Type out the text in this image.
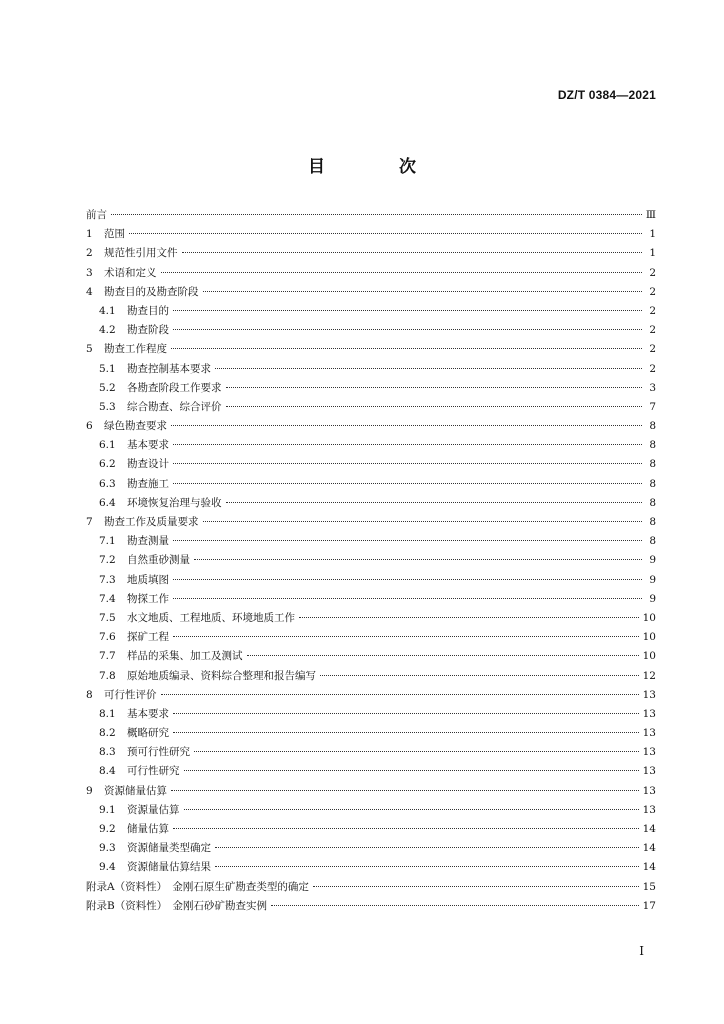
DZ/T 0384—2021
目 次
前言	Ⅲ
1	范围	1
2	规范性引用文件	1
3	术语和定义	2
4	勘查目的及勘查阶段	2
4.1	勘查目的	2
4.2	勘查阶段	2
5	勘查工作程度	2
5.1	勘查控制基本要求	2
5.2	各勘查阶段工作要求	3
5.3	综合勘查、综合评价	7
6	绿色勘查要求	8
6.1	基本要求	8
6.2	勘查设计	8
6.3	勘查施工	8
6.4	环境恢复治理与验收	8
7	勘查工作及质量要求	8
7.1	勘查测量	8
7.2	自然重砂测量	9
7.3	地质填图	9
7.4	物探工作	9
7.5	水文地质、工程地质、环境地质工作	10
7.6	探矿工程	10
7.7	样品的采集、加工及测试	10
7.8	原始地质编录、资料综合整理和报告编写	12
8	可行性评价	13
8.1	基本要求	13
8.2	概略研究	13
8.3	预可行性研究	13
8.4	可行性研究	13
9	资源储量估算	13
9.1	资源量估算	13
9.2	储量估算	14
9.3	资源储量类型确定	14
9.4	资源储量估算结果	14
附录A（资料性）　金刚石原生矿勘查类型的确定	15
附录B（资料性）　金刚石砂矿勘查实例	17
Ⅰ
